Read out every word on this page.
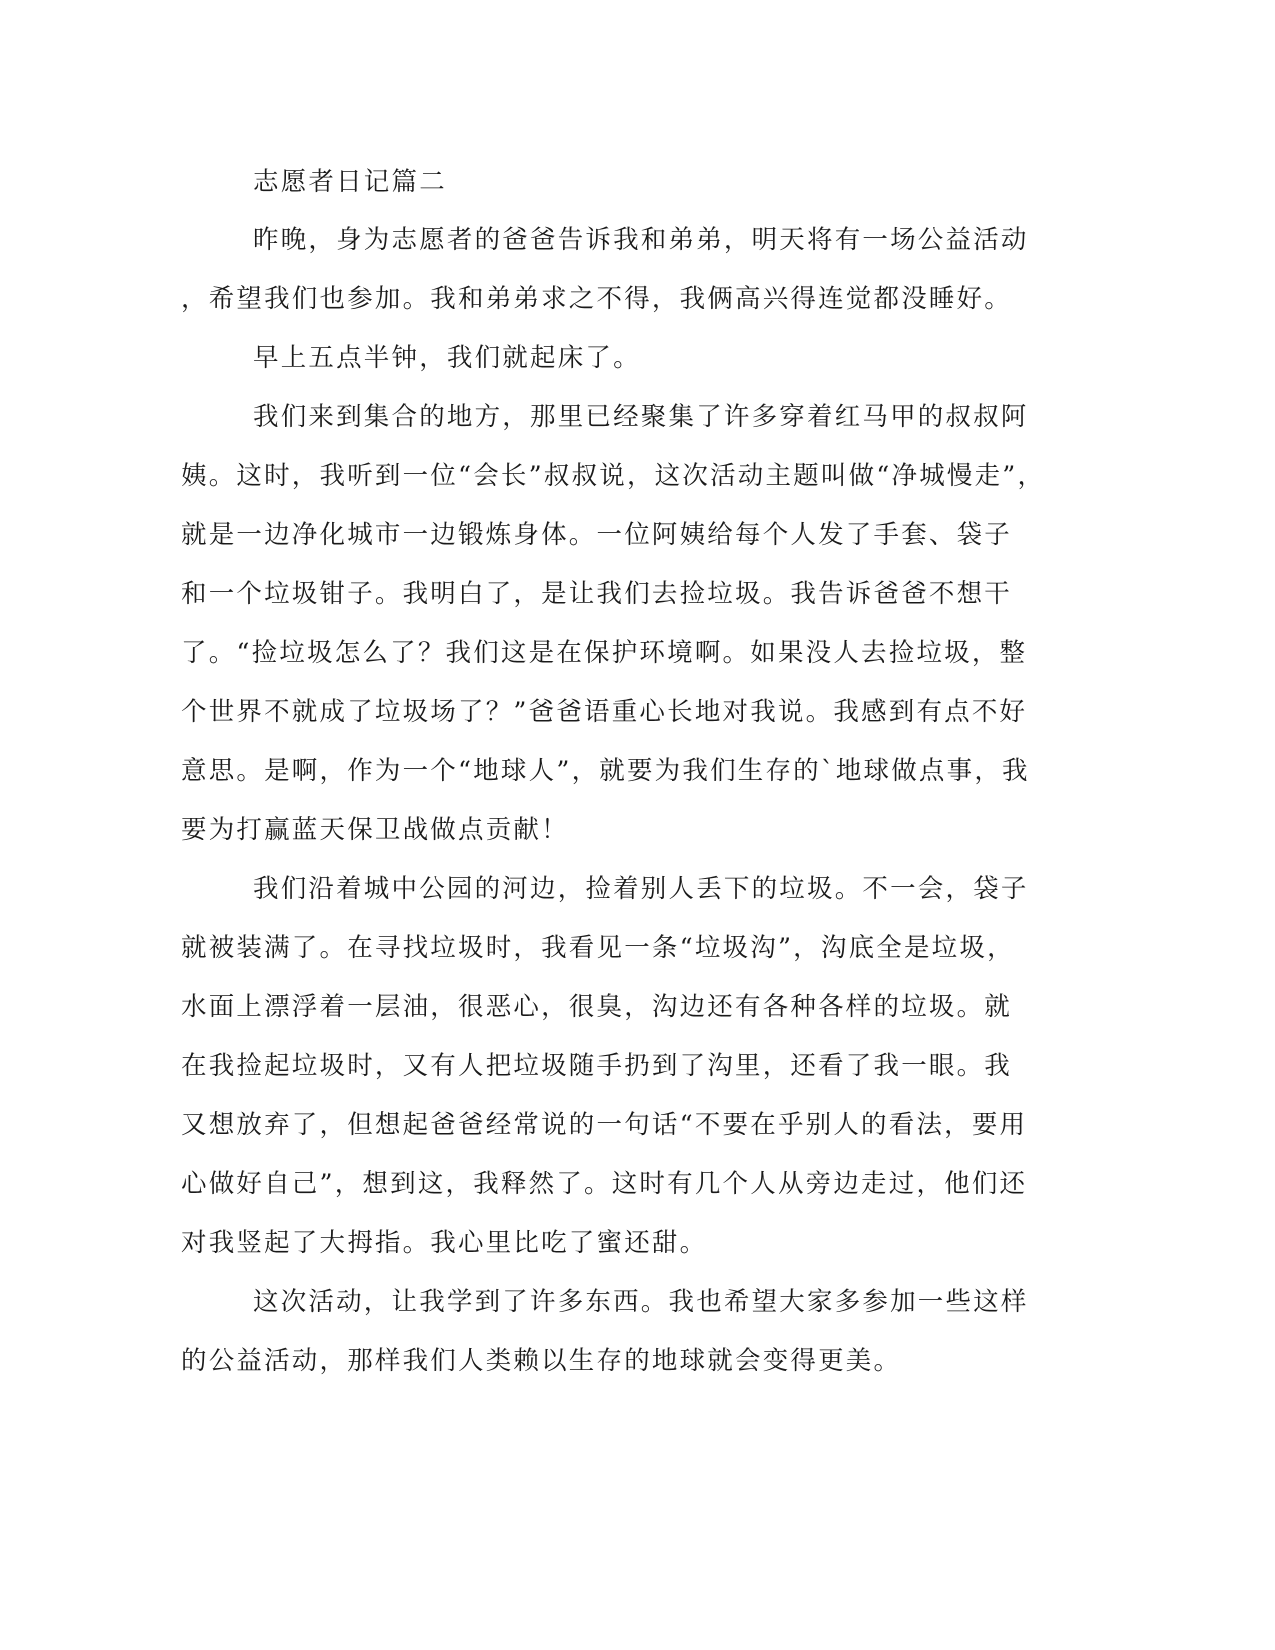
志愿者日记篇二

昨晚，身为志愿者的爸爸告诉我和弟弟，明天将有一场公益活动

，希望我们也参加。我和弟弟求之不得，我俩高兴得连觉都没睡好。

早上五点半钟，我们就起床了。

我们来到集合的地方，那里已经聚集了许多穿着红马甲的叔叔阿

姨。这时，我听到一位“会长”叔叔说，这次活动主题叫做“净城慢走”，

就是一边净化城市一边锻炼身体。一位阿姨给每个人发了手套、袋子

和一个垃圾钳子。我明白了，是让我们去捡垃圾。我告诉爸爸不想干

了。“捡垃圾怎么了？我们这是在保护环境啊。如果没人去捡垃圾，整

个世界不就成了垃圾场了？”爸爸语重心长地对我说。我感到有点不好

意思。是啊，作为一个“地球人”，就要为我们生存的`地球做点事，我

要为打赢蓝天保卫战做点贡献！

我们沿着城中公园的河边，捡着别人丢下的垃圾。不一会，袋子

就被装满了。在寻找垃圾时，我看见一条“垃圾沟”，沟底全是垃圾，

水面上漂浮着一层油，很恶心，很臭，沟边还有各种各样的垃圾。就

在我捡起垃圾时，又有人把垃圾随手扔到了沟里，还看了我一眼。我

又想放弃了，但想起爸爸经常说的一句话“不要在乎别人的看法，要用

心做好自己”，想到这，我释然了。这时有几个人从旁边走过，他们还

对我竖起了大拇指。我心里比吃了蜜还甜。

这次活动，让我学到了许多东西。我也希望大家多参加一些这样

的公益活动，那样我们人类赖以生存的地球就会变得更美。
